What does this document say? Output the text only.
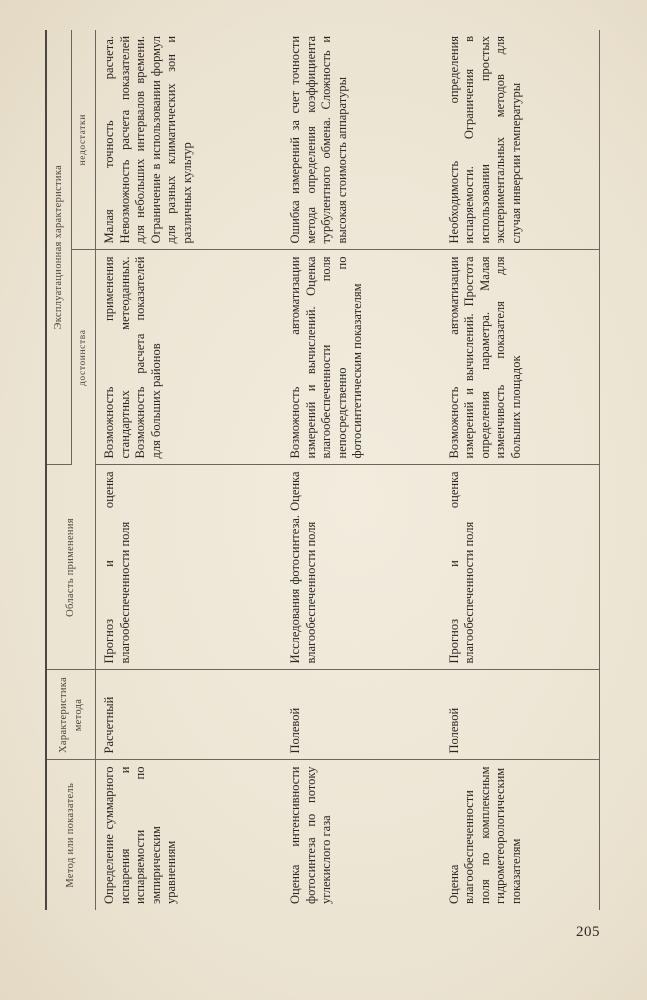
Метод или показатель	Характеристика метода	Область применения	Эксплуатационная характеристика	
			достоинства	недостатки
Определение суммарного испарения и испаряемости по эмпирическим уравнениям	Расчетный	Прогноз и оценка влагообеспеченности поля	Возможность применения стандартных метеоданных. Возможность расчета показателей для больших районов	Малая точность расчета. Невозможность расчета показателей для небольших интервалов времени. Ограничение в использовании формул для разных климатических зон и различных культур
Оценка интенсивности фотосинтеза по потоку углекислого газа	Полевой	Исследования фотосинтеза. Оценка влагообеспеченности поля	Возможность автоматизации измерений и вычислений. Оценка влагообеспеченности поля непосредственно по фотосинтетическим показателям	Ошибка измерений за счет точности метода определения коэффициента турбулентного обмена. Сложность и высокая стоимость аппаратуры
Оценка влагообеспеченности поля по комплексным гидрометеорологическим показателям	Полевой	Прогноз и оценка влагообеспеченности поля	Возможность автоматизации измерений и вычислений. Простота определения параметра. Малая изменчивость показателя для больших площадок	Необходимость определения испаряемости. Ограничения в использовании простых экспериментальных методов для случая инверсии температуры
205
